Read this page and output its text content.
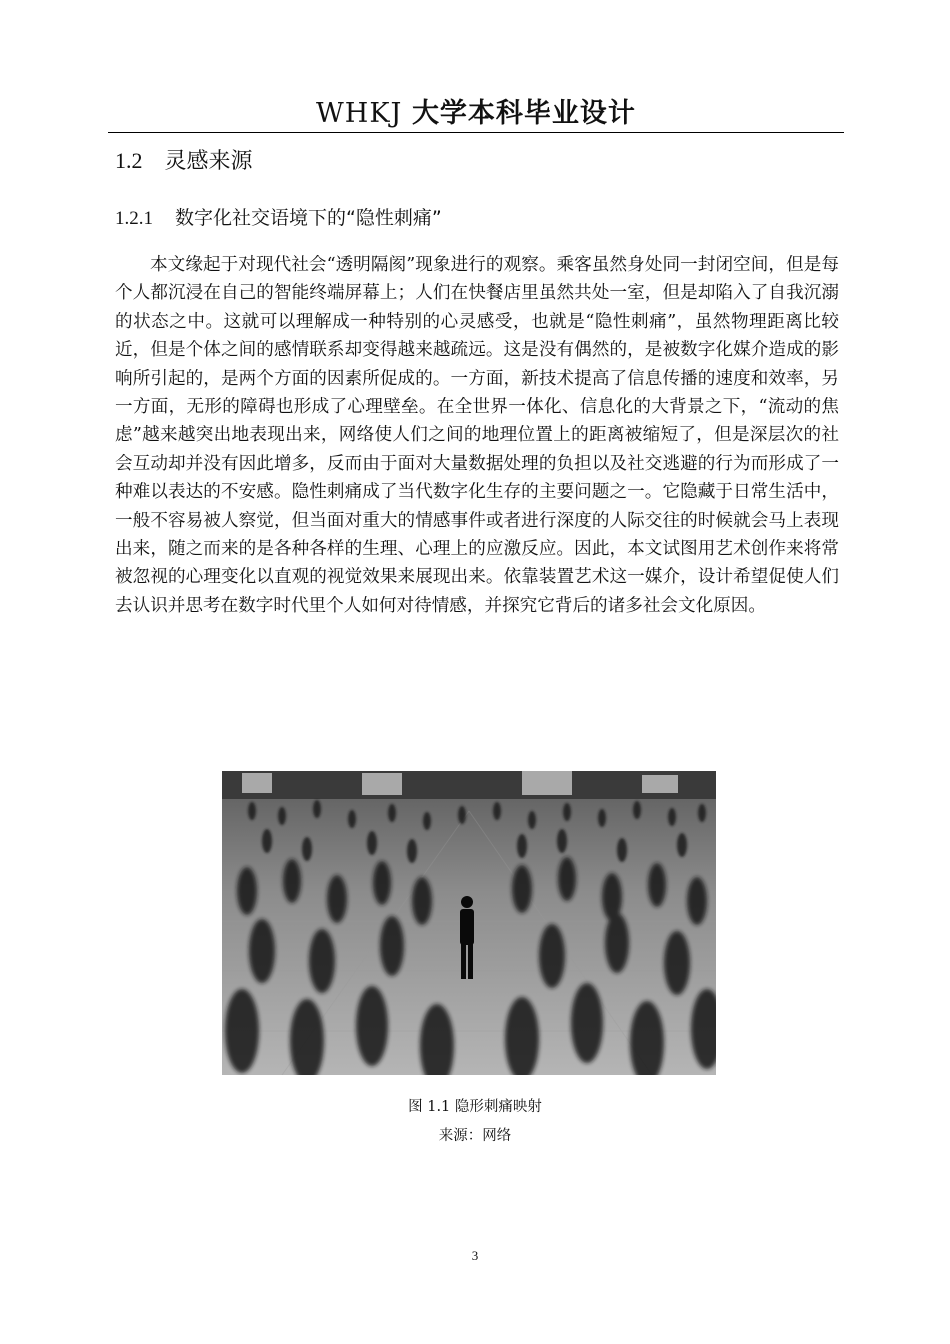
WHKJ 大学本科毕业设计
1.2 灵感来源
1.2.1 数字化社交语境下的“隐性刺痛”

本文缘起于对现代社会“透明隔阂”现象进行的观察。乘客虽然身处同一封闭空间，但是每个人都沉浸在自己的智能终端屏幕上；人们在快餐店里虽然共处一室，但是却陷入了自我沉溺的状态之中。这就可以理解成一种特别的心灵感受，也就是“隐性刺痛”，虽然物理距离比较近，但是个体之间的感情联系却变得越来越疏远。这是没有偶然的，是被数字化媒介造成的影响所引起的，是两个方面的因素所促成的。一方面，新技术提高了信息传播的速度和效率，另一方面，无形的障碍也形成了心理壁垒。在全世界一体化、信息化的大背景之下，“流动的焦虑”越来越突出地表现出来，网络使人们之间的地理位置上的距离被缩短了，但是深层次的社会互动却并没有因此增多，反而由于面对大量数据处理的负担以及社交逃避的行为而形成了一种难以表达的不安感。隐性刺痛成了当代数字化生存的主要问题之一。它隐藏于日常生活中，一般不容易被人察觉，但当面对重大的情感事件或者进行深度的人际交往的时候就会马上表现出来，随之而来的是各种各样的生理、心理上的应激反应。因此，本文试图用艺术创作来将常被忽视的心理变化以直观的视觉效果来展现出来。依靠装置艺术这一媒介，设计希望促使人们去认识并思考在数字时代里个人如何对待情感，并探究它背后的诸多社会文化原因。

图 1.1 隐形刺痛映射
来源：网络
3
